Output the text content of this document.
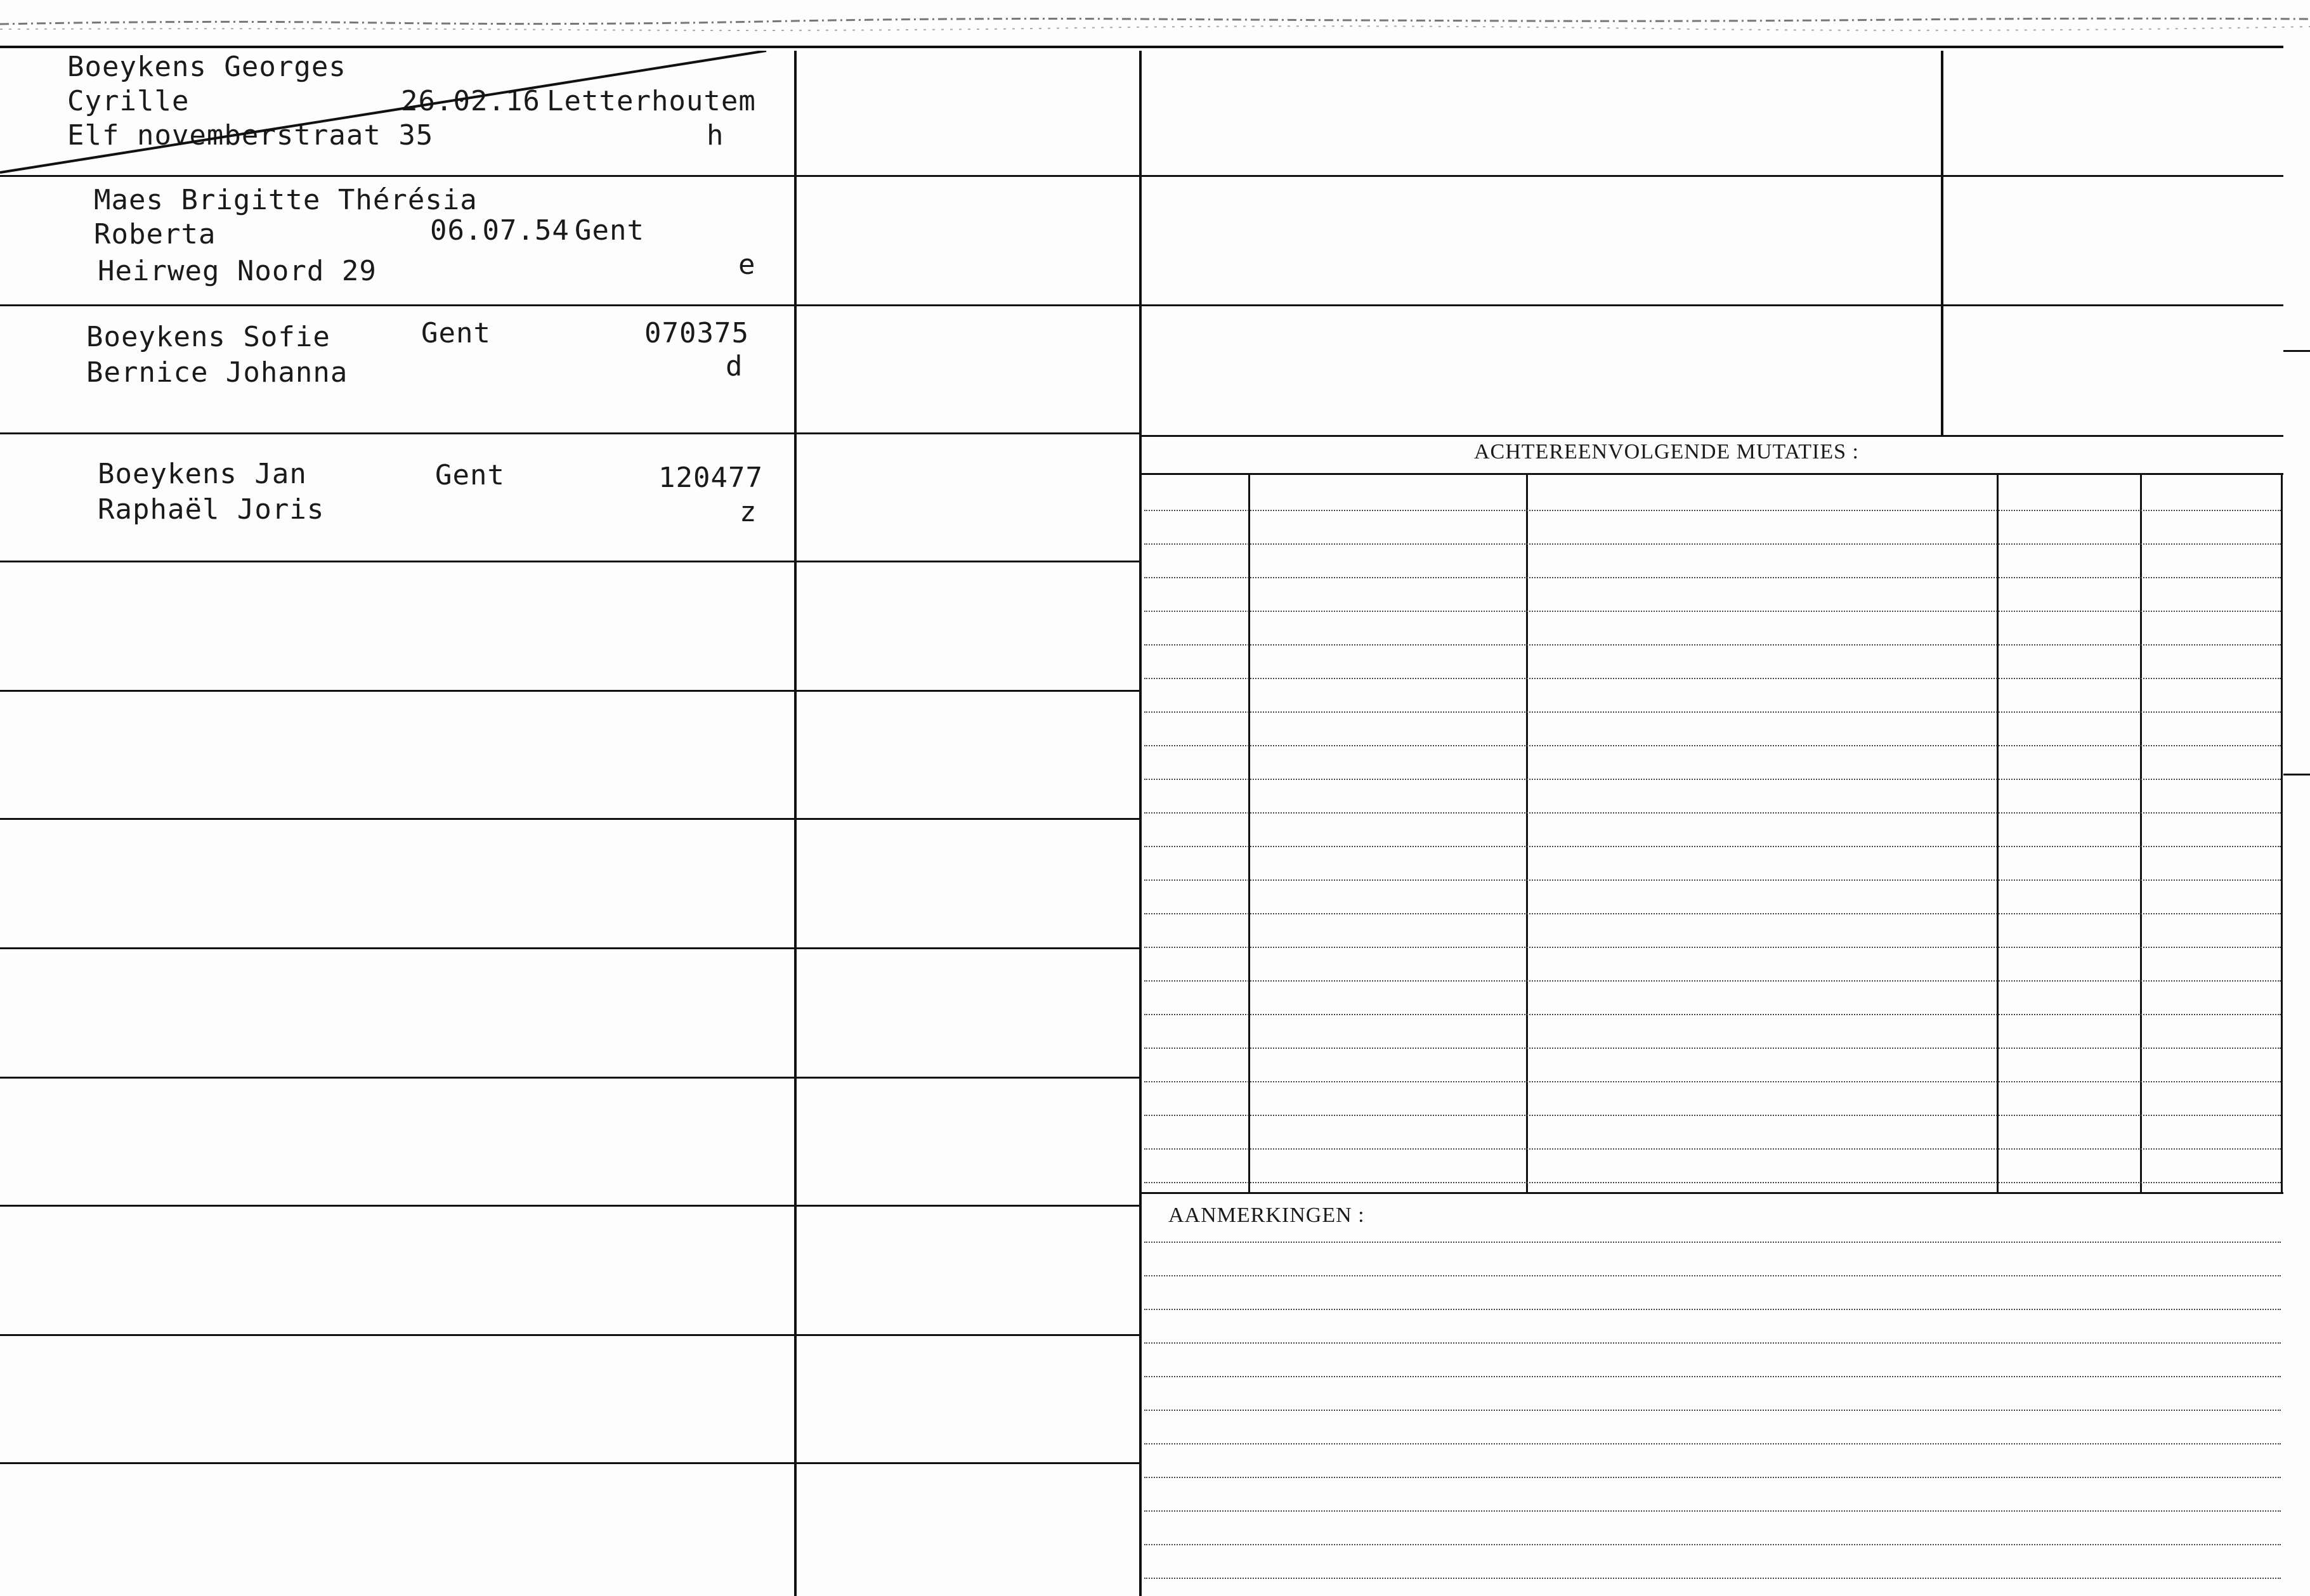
ACHTEREENVOLGENDE MUTATIES :
AANMERKINGEN :
Boeykens Georges
Cyrille	26.02.16 Letterhoutem
Elf novemberstraat 35	h
Maes Brigitte Thérésia
Roberta	06.07.54 Gent
Heirweg Noord 29	e
Boeykens Sofie
Bernice Johanna
Gent	070375
d
Boeykens Jan
Raphaël Joris
Gent	120477
z
